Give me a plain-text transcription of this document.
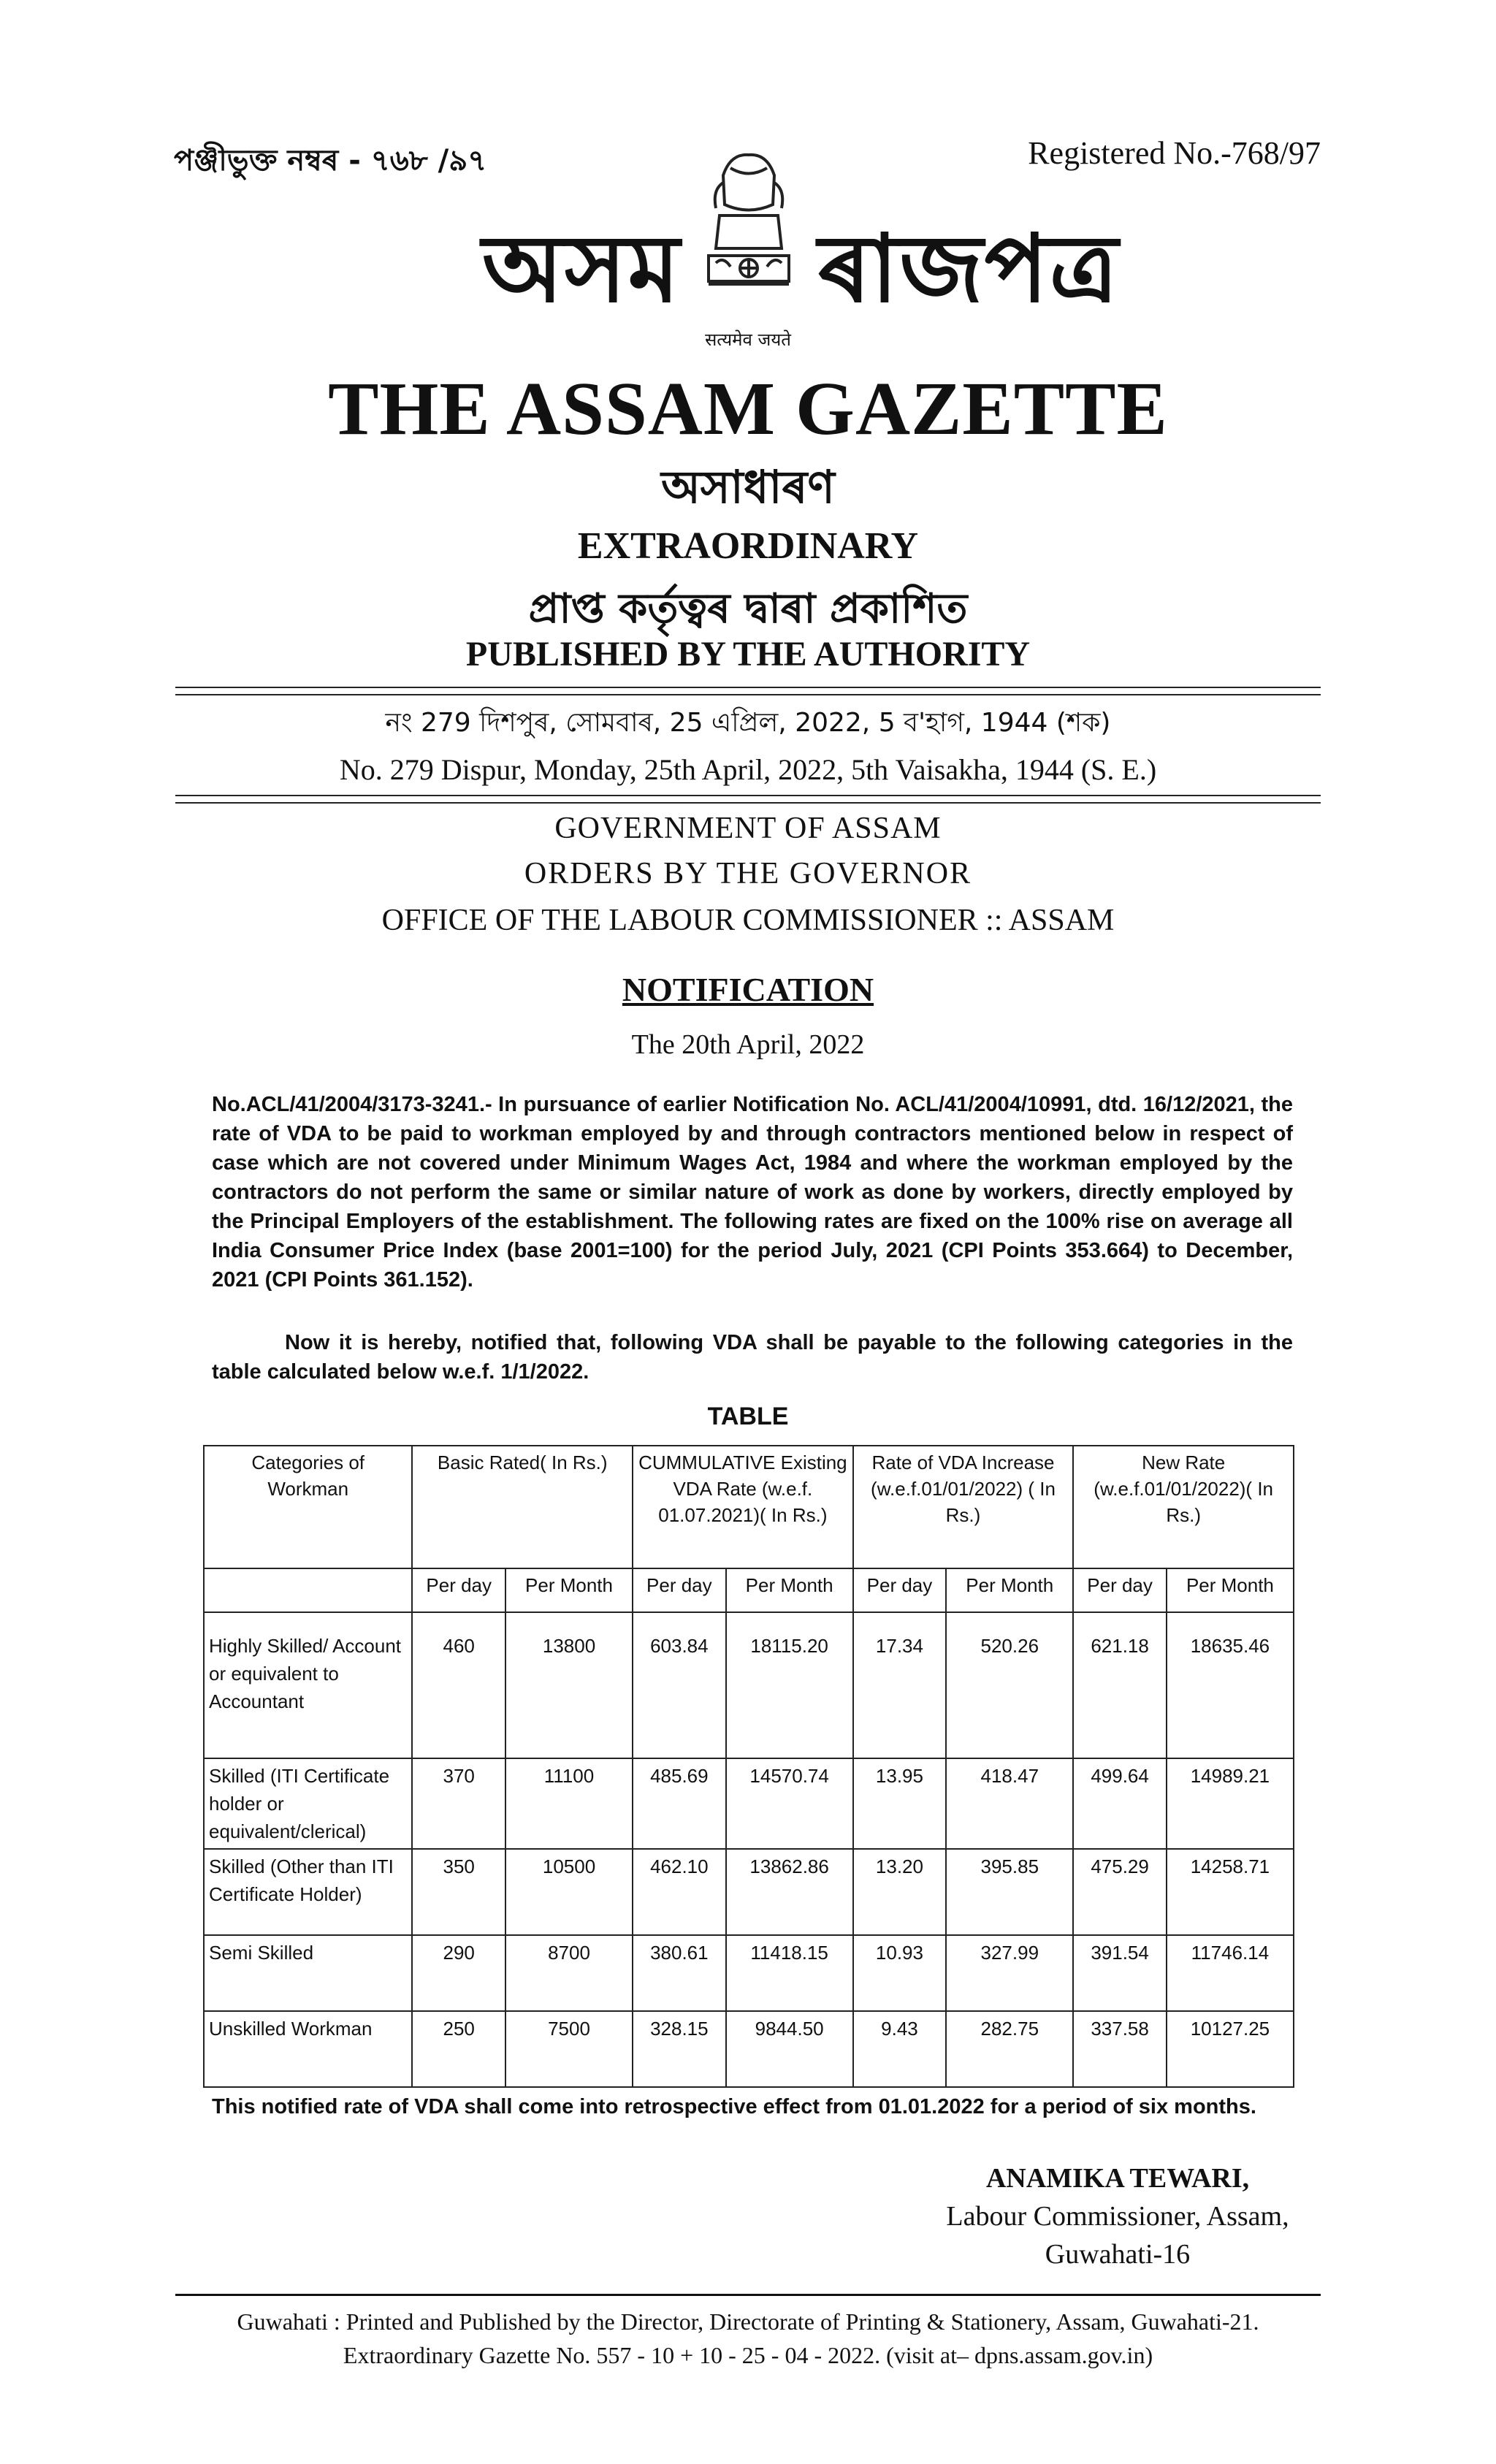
পঞ্জীভুক্ত নম্বৰ - ৭৬৮ /৯৭	Registered No.-768/97
অসম ৰাজপত্ৰ
सत्यमेव जयते
THE ASSAM GAZETTE
অসাধাৰণ
EXTRAORDINARY
প্ৰাপ্ত কৰ্তৃত্বৰ দ্বাৰা প্ৰকাশিত
PUBLISHED BY THE AUTHORITY
নং 279 দিশপুৰ, সোমবাৰ, 25 এপ্ৰিল, 2022, 5 ব'হাগ, 1944 (শক)
No. 279 Dispur, Monday, 25th April, 2022, 5th Vaisakha, 1944 (S. E.)
GOVERNMENT OF ASSAM
ORDERS BY THE GOVERNOR
OFFICE OF THE LABOUR COMMISSIONER :: ASSAM
NOTIFICATION
The 20th April, 2022
No.ACL/41/2004/3173-3241.- In pursuance of earlier Notification No. ACL/41/2004/10991, dtd. 16/12/2021, the rate of VDA to be paid to workman employed by and through contractors mentioned below in respect of case which are not covered under Minimum Wages Act, 1984 and where the workman employed by the contractors do not perform the same or similar nature of work as done by workers, directly employed by the Principal Employers of the establishment. The following rates are fixed on the 100% rise on average all India Consumer Price Index (base 2001=100) for the period July, 2021 (CPI Points 353.664) to December, 2021 (CPI Points 361.152).
Now it is hereby, notified that, following VDA shall be payable to the following categories in the table calculated below w.e.f. 1/1/2022.
TABLE
Categories of Workman	Basic Rated( In Rs.)		CUMMULATIVE Existing VDA Rate (w.e.f. 01.07.2021)( In Rs.)		Rate of VDA Increase (w.e.f.01/01/2022) ( In Rs.)		New Rate (w.e.f.01/01/2022)( In Rs.)	
	Per day	Per Month	Per day	Per Month	Per day	Per Month	Per day	Per Month
Highly Skilled/ Account or equivalent to Accountant	460	13800	603.84	18115.20	17.34	520.26	621.18	18635.46
Skilled (ITI Certificate holder or equivalent/clerical)	370	11100	485.69	14570.74	13.95	418.47	499.64	14989.21
Skilled (Other than ITI Certificate Holder)	350	10500	462.10	13862.86	13.20	395.85	475.29	14258.71
Semi Skilled	290	8700	380.61	11418.15	10.93	327.99	391.54	11746.14
Unskilled Workman	250	7500	328.15	9844.50	9.43	282.75	337.58	10127.25
This notified rate of VDA shall come into retrospective effect from 01.01.2022 for a period of six months.
ANAMIKA TEWARI,
Labour Commissioner, Assam,
Guwahati-16
Guwahati : Printed and Published by the Director, Directorate of Printing & Stationery, Assam, Guwahati-21.
Extraordinary Gazette No. 557 - 10 + 10 - 25 - 04 - 2022. (visit at– dpns.assam.gov.in)
